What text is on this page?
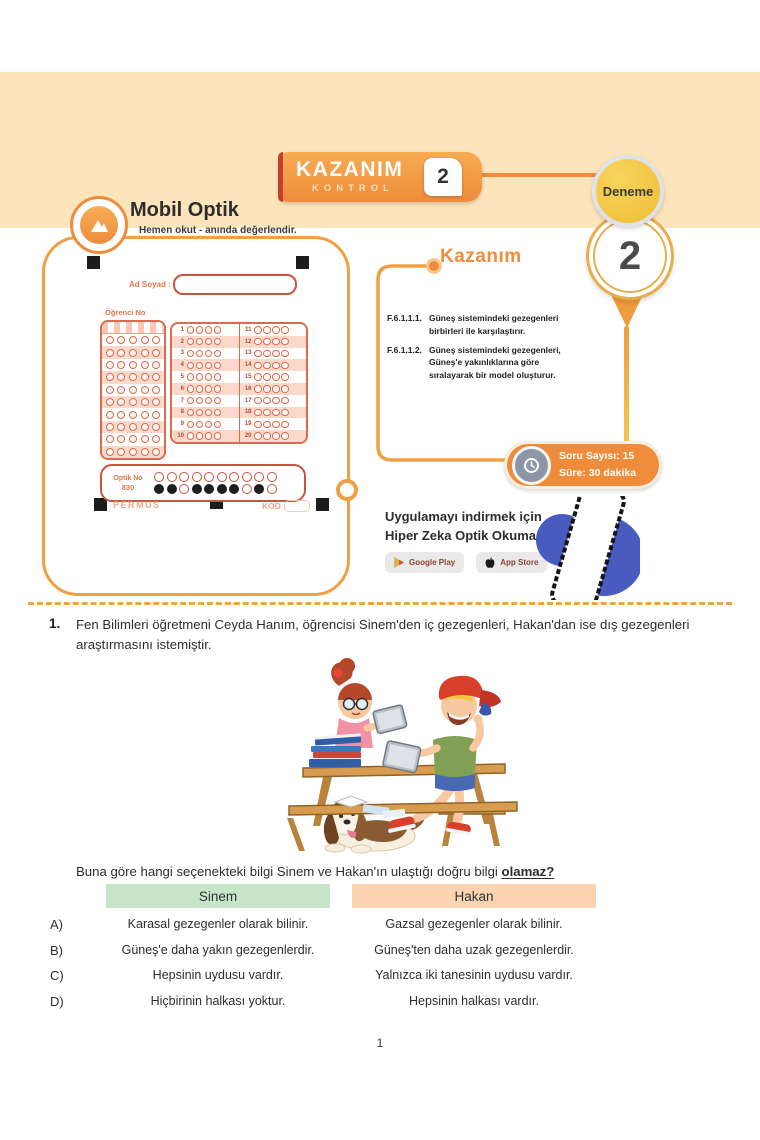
KAZANIM
KONTROL
2
Deneme
2
Mobil Optik
Hemen okut - anında değerlendir.
Ad Soyad :
Öğrenci No
1
2
3
4
5
6
7
8
9
10
11
12
13
14
15
16
17
18
19
20
Optik No
830
PERMUS	KOD
Kazanım
F.6.1.1.1. Güneş sistemindeki gezegenleri birbirleri ile karşılaştırır.
F.6.1.1.2. Güneş sistemindeki gezegenleri, Güneş'e yakınlıklarına göre sıralayarak bir model oluşturur.
Soru Sayısı: 15
Süre: 30 dakika
Uygulamayı indirmek için
Hiper Zeka Optik Okuma
Google Play	App Store
1. Fen Bilimleri öğretmeni Ceyda Hanım, öğrencisi Sinem'den iç gezegenleri, Hakan'dan ise dış gezegenleri araştırmasını istemiştir.
Buna göre hangi seçenekteki bilgi Sinem ve Hakan'ın ulaştığı doğru bilgi olamaz?
Sinem	Hakan
A)	Karasal gezegenler olarak bilinir.	Gazsal gezegenler olarak bilinir.
B)	Güneş'e daha yakın gezegenlerdir.	Güneş'ten daha uzak gezegenlerdir.
C)	Hepsinin uydusu vardır.	Yalnızca iki tanesinin uydusu vardır.
D)	Hiçbirinin halkası yoktur.	Hepsinin halkası vardır.
1
